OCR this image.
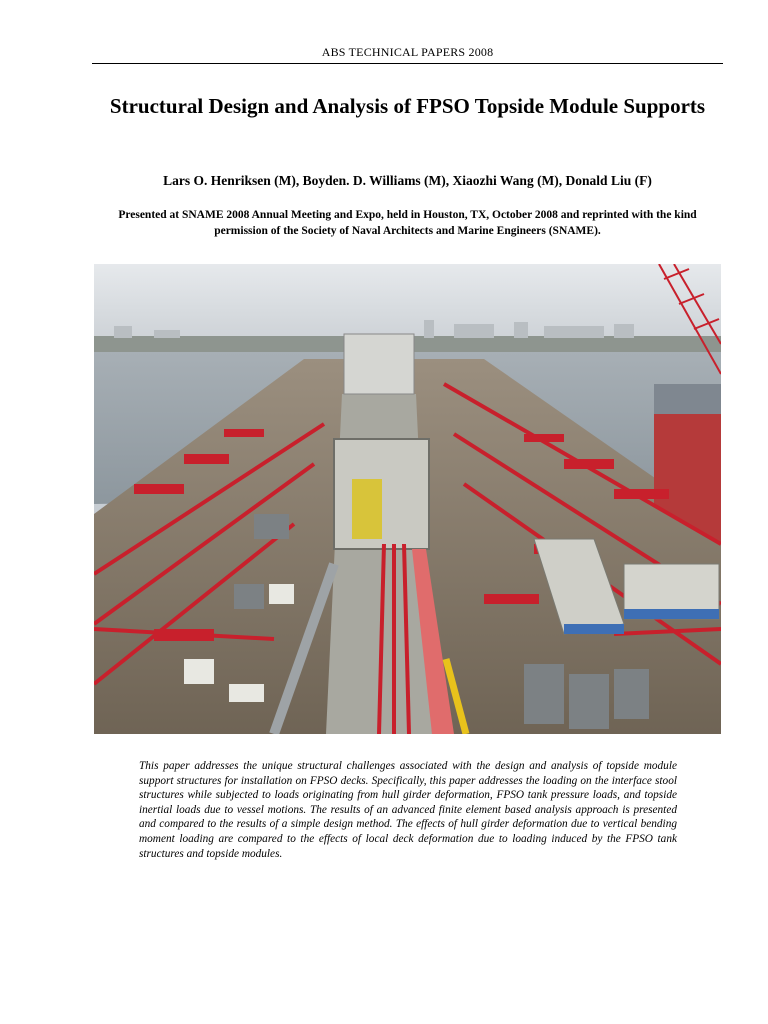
ABS TECHNICAL PAPERS 2008
Structural Design and Analysis of FPSO Topside Module Supports
Lars O. Henriksen (M), Boyden. D. Williams (M), Xiaozhi Wang (M), Donald Liu (F)
Presented at SNAME 2008 Annual Meeting and Expo, held in Houston, TX, October 2008 and reprinted with the kind permission of the Society of Naval Architects and Marine Engineers (SNAME).

This paper addresses the unique structural challenges associated with the design and analysis of topside module support structures for installation on FPSO decks. Specifically, this paper addresses the loading on the interface stool structures while subjected to loads originating from hull girder deformation, FPSO tank pressure loads, and topside inertial loads due to vessel motions. The results of an advanced finite element based analysis approach is presented and compared to the results of a simple design method. The effects of hull girder deformation due to vertical bending moment loading are compared to the effects of local deck deformation due to loading induced by the FPSO tank structures and topside modules.
